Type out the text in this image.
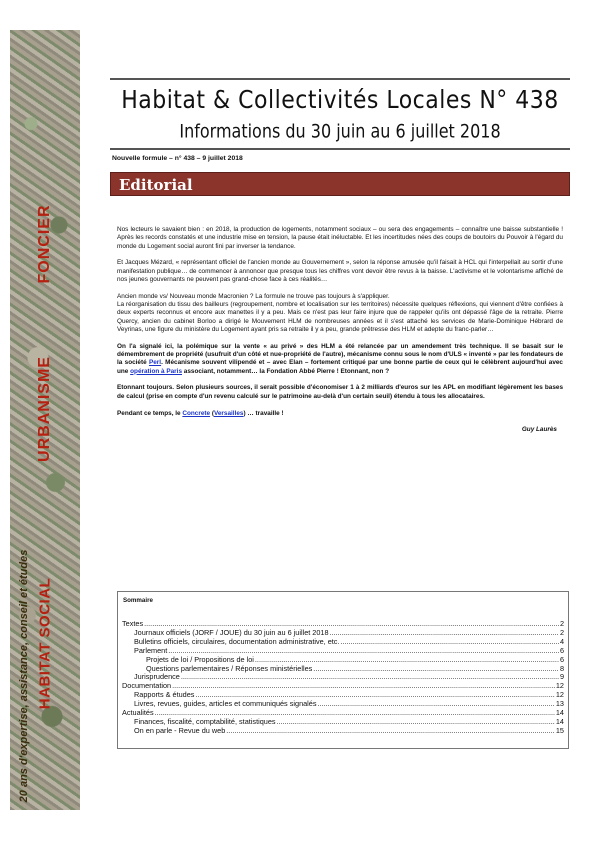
FONCIER
URBANISME
HABITAT SOCIAL
20 ans d'expertise, assistance, conseil et études
Habitat & Collectivités Locales N° 438
Informations du 30 juin au 6 juillet 2018
Nouvelle formule – n° 438 – 9 juillet 2018
Editorial

Nos lecteurs le savaient bien : en 2018, la production de logements, notamment sociaux – ou sera des engagements – connaître une baisse substantielle ! Après les records constatés et une industrie mise en tension, la pause était inéluctable. Et les incertitudes nées des coups de boutoirs du Pouvoir à l'égard du monde du Logement social auront fini par inverser la tendance.

Et Jacques Mézard, « représentant officiel de l'ancien monde au Gouvernement », selon la réponse amusée qu'il faisait à HCL qui l'interpellait au sortir d'une manifestation publique… de commencer à annoncer que presque tous les chiffres vont devoir être revus à la baisse. L'activisme et le volontarisme affiché de nos jeunes gouvernants ne peuvent pas grand-chose face à ces réalités…

Ancien monde vs/ Nouveau monde Macronien ? La formule ne trouve pas toujours à s'appliquer.
La réorganisation du tissu des bailleurs (regroupement, nombre et localisation sur les territoires) nécessite quelques réflexions, qui viennent d'être confiées à deux experts reconnus et encore aux manettes il y a peu. Mais ce n'est pas leur faire injure que de rappeler qu'ils ont dépassé l'âge de la retraite. Pierre Quercy, ancien du cabinet Borloo a dirigé le Mouvement HLM de nombreuses années et il s'est attaché les services de Marie-Dominique Hébrard de Veyrinas, une figure du ministère du Logement ayant pris sa retraite il y a peu, grande prêtresse des HLM et adepte du franc-parler…

On l'a signalé ici, la polémique sur la vente « au privé » des HLM a été relancée par un amendement très technique. Il se basait sur le démembrement de propriété (usufruit d'un côté et nue-propriété de l'autre), mécanisme connu sous le nom d'ULS « inventé » par les fondateurs de la société Perl. Mécanisme souvent vilipendé et – avec Elan – fortement critiqué par une bonne partie de ceux qui le célèbrent aujourd'hui avec une opération à Paris associant, notamment… la Fondation Abbé Pierre ! Etonnant, non ?

Etonnant toujours. Selon plusieurs sources, il serait possible d'économiser 1 à 2 milliards d'euros sur les APL en modifiant légèrement les bases de calcul (prise en compte d'un revenu calculé sur le patrimoine au-delà d'un certain seuil) étendu à tous les allocataires.

Pendant ce temps, le Concrete (Versailles) … travaille !

Guy Laurès

Sommaire
Textes .....	2
Journaux officiels (JORF / JOUE) du 30 juin au 6 juillet 2018 .....	2
Bulletins officiels, circulaires, documentation administrative, etc. .....	4
Parlement .....	6
Projets de loi / Propositions de loi .....	6
Questions parlementaires / Réponses ministérielles .....	8
Jurisprudence .....	9
Documentation .....	12
Rapports & études .....	12
Livres, revues, guides, articles et communiqués signalés .....	13
Actualités .....	14
Finances, fiscalité, comptabilité, statistiques .....	14
On en parle - Revue du web .....	15
